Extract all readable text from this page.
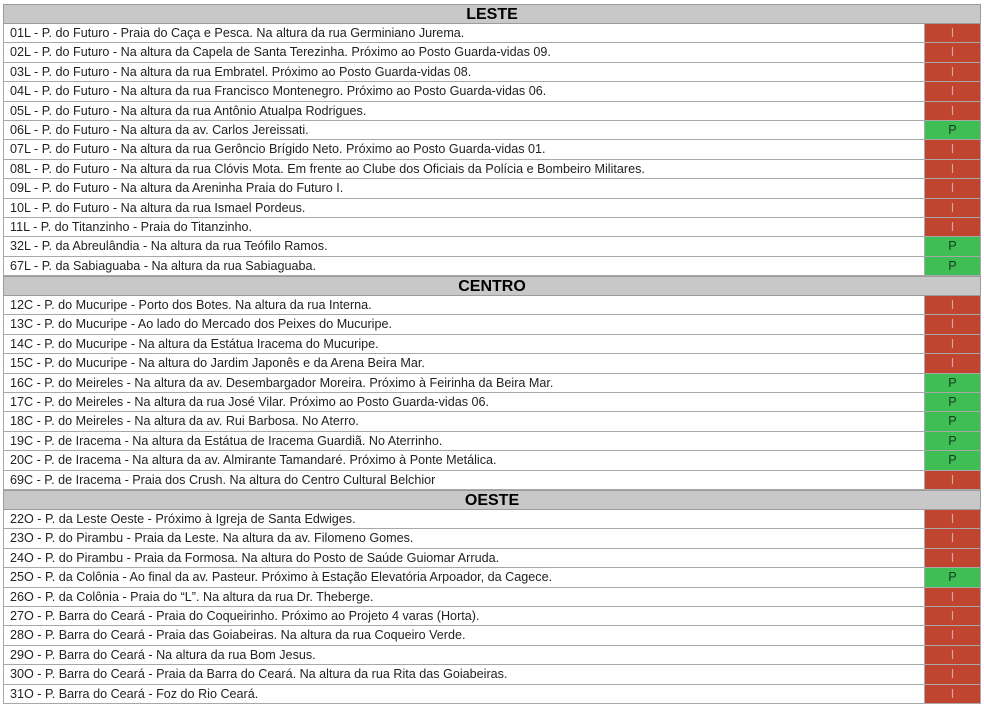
LESTE
01L - P. do Futuro - Praia do Caça e Pesca. Na altura da rua Germiniano Jurema.	I
02L - P. do Futuro - Na altura da Capela de Santa Terezinha. Próximo ao Posto Guarda-vidas 09.	I
03L - P. do Futuro - Na altura da rua Embratel. Próximo ao Posto Guarda-vidas 08.	I
04L - P. do Futuro - Na altura da rua Francisco Montenegro. Próximo ao Posto Guarda-vidas 06.	I
05L - P. do Futuro - Na altura da rua Antônio Atualpa Rodrigues.	I
06L - P. do Futuro - Na altura da av. Carlos Jereissati.	P
07L - P. do Futuro - Na altura da rua Gerôncio Brígido Neto. Próximo ao Posto Guarda-vidas 01.	I
08L - P. do Futuro - Na altura da rua Clóvis Mota. Em frente ao Clube dos Oficiais da Polícia e Bombeiro Militares.	I
09L - P. do Futuro - Na altura da Areninha Praia do Futuro I.	I
10L - P. do Futuro - Na altura da rua Ismael Pordeus.	I
11L - P. do Titanzinho - Praia do Titanzinho.	I
32L - P. da Abreulândia - Na altura da rua Teófilo Ramos.	P
67L - P. da Sabiaguaba - Na altura da rua Sabiaguaba.	P
CENTRO
12C - P. do Mucuripe - Porto dos Botes. Na altura da rua Interna.	I
13C - P. do Mucuripe - Ao lado do Mercado dos Peixes do Mucuripe.	I
14C - P. do Mucuripe - Na altura da Estátua Iracema do Mucuripe.	I
15C - P. do Mucuripe - Na altura do Jardim Japonês e da Arena Beira Mar.	I
16C - P. do Meireles - Na altura da av. Desembargador Moreira. Próximo à Feirinha da Beira Mar.	P
17C - P. do Meireles - Na altura da rua José Vilar. Próximo ao Posto Guarda-vidas 06.	P
18C - P. do Meireles - Na altura da av. Rui Barbosa. No Aterro.	P
19C - P. de Iracema - Na altura da Estátua de Iracema Guardiã. No Aterrinho.	P
20C - P. de Iracema - Na altura da av. Almirante Tamandaré. Próximo à Ponte Metálica.	P
69C - P. de Iracema - Praia dos Crush. Na altura do Centro Cultural Belchior	I
OESTE
22O - P. da Leste Oeste - Próximo à Igreja de Santa Edwiges.	I
23O - P. do Pirambu - Praia da Leste. Na altura da av. Filomeno Gomes.	I
24O - P. do Pirambu - Praia da Formosa. Na altura do Posto de Saúde Guiomar Arruda.	I
25O - P. da Colônia - Ao final da av. Pasteur. Próximo à Estação Elevatória Arpoador, da Cagece.	P
26O - P. da Colônia - Praia do “L”. Na altura da rua Dr. Theberge.	I
27O - P. Barra do Ceará - Praia do Coqueirinho. Próximo ao Projeto 4 varas (Horta).	I
28O - P. Barra do Ceará - Praia das Goiabeiras. Na altura da rua Coqueiro Verde.	I
29O - P. Barra do Ceará - Na altura da rua Bom Jesus.	I
30O - P. Barra do Ceará - Praia da Barra do Ceará. Na altura da rua Rita das Goiabeiras.	I
31O - P. Barra do Ceará - Foz do Rio Ceará.	I
